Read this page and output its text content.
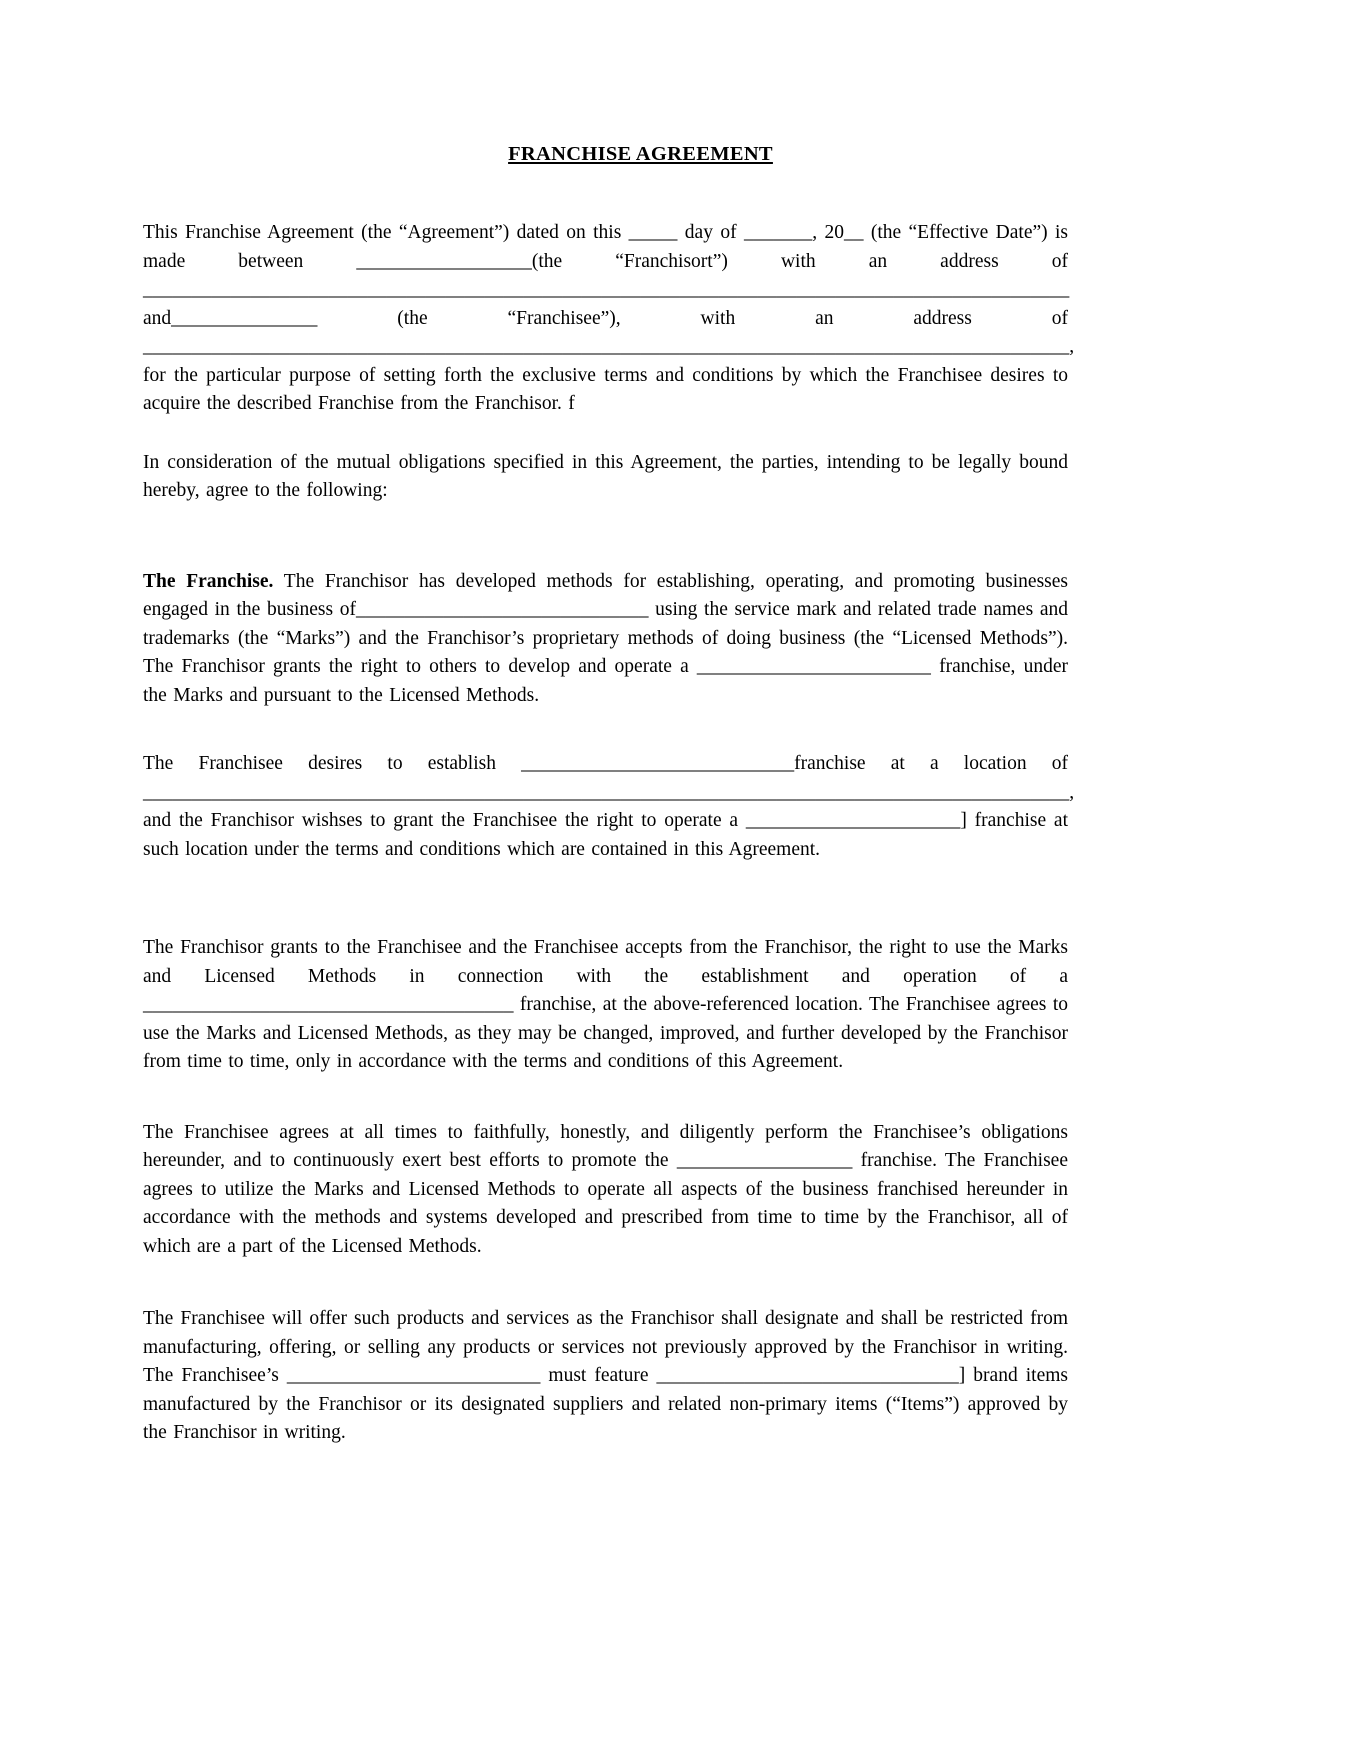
FRANCHISE AGREEMENT

This Franchise Agreement (the “Agreement”) dated on this _____ day of _______, 20__ (the “Effective Date”) is made between __________________(the “Franchisort”) with an address of _______________________________________________________________________________________________ and_______________ (the “Franchisee”), with an address of _______________________________________________________________________________________________, for the particular purpose of setting forth the exclusive terms and conditions by which the Franchisee desires to acquire the described Franchise from the Franchisor. f

In consideration of the mutual obligations specified in this Agreement, the parties, intending to be legally bound hereby, agree to the following:

The Franchise. The Franchisor has developed methods for establishing, operating, and promoting businesses engaged in the business of______________________________ using the service mark and related trade names and trademarks (the “Marks”) and the Franchisor’s proprietary methods of doing business (the “Licensed Methods”). The Franchisor grants the right to others to develop and operate a ________________________ franchise, under the Marks and pursuant to the Licensed Methods.

The Franchisee desires to establish ____________________________franchise at a location of _______________________________________________________________________________________________, and the Franchisor wishses to grant the Franchisee the right to operate a ______________________] franchise at such location under the terms and conditions which are contained in this Agreement.

The Franchisor grants to the Franchisee and the Franchisee accepts from the Franchisor, the right to use the Marks and Licensed Methods in connection with the establishment and operation of a ______________________________________ franchise, at the above-referenced location. The Franchisee agrees to use the Marks and Licensed Methods, as they may be changed, improved, and further developed by the Franchisor from time to time, only in accordance with the terms and conditions of this Agreement.

The Franchisee agrees at all times to faithfully, honestly, and diligently perform the Franchisee’s obligations hereunder, and to continuously exert best efforts to promote the __________________ franchise. The Franchisee agrees to utilize the Marks and Licensed Methods to operate all aspects of the business franchised hereunder in accordance with the methods and systems developed and prescribed from time to time by the Franchisor, all of which are a part of the Licensed Methods.

The Franchisee will offer such products and services as the Franchisor shall designate and shall be restricted from manufacturing, offering, or selling any products or services not previously approved by the Franchisor in writing. The Franchisee’s __________________________ must feature _______________________________] brand items manufactured by the Franchisor or its designated suppliers and related non-primary items (“Items”) approved by the Franchisor in writing.
